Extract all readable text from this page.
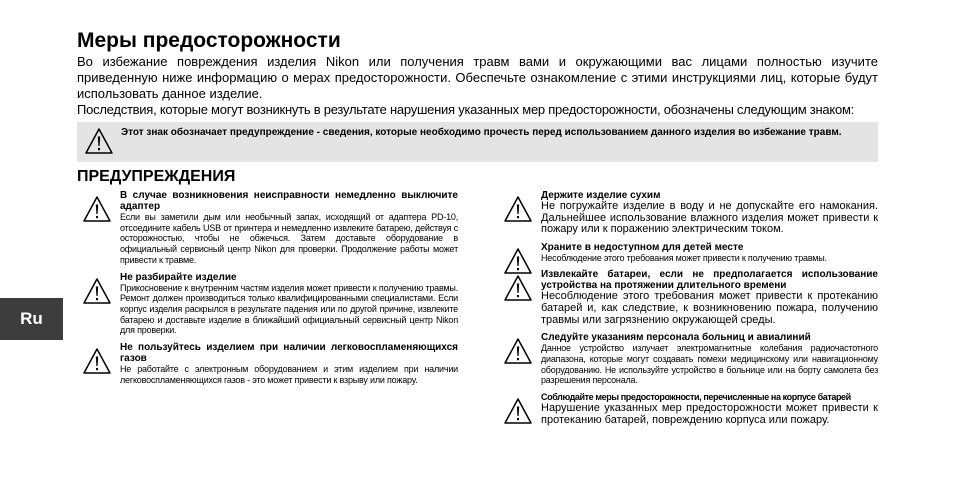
Меры предосторожности

Во избежание повреждения изделия Nikon или получения травм вами и окружающими вас лицами полностью изучите приведенную ниже информацию о мерах предосторожности. Обеспечьте ознакомление с этими инструкциями лиц, которые будут использовать данное изделие.

Последствия, которые могут возникнуть в результате нарушения указанных мер предосторожности, обозначены следующим знаком:

Этот знак обозначает предупреждение - сведения, которые необходимо прочесть перед использованием данного изделия во избежание травм.
ПРЕДУПРЕЖДЕНИЯ
Ru

В случае возникновения неисправности немедленно выключите адаптер

Если вы заметили дым или необычный запах, исходящий от адаптера PD-10, отсоедините кабель USB от принтера и немедленно извлеките батарею, действуя с осторожностью, чтобы не обжечься. Затем доставьте оборудование в официальный сервисный центр Nikon для проверки. Продолжение работы может привести к травме.

Не разбирайте изделие

Прикосновение к внутренним частям изделия может привести к получению травмы. Ремонт должен производиться только квалифицированными специалистами. Если корпус изделия раскрылся в результате падения или по другой причине, извлеките батарею и доставьте изделие в ближайший официальный сервисный центр Nikon для проверки.

Не пользуйтесь изделием при наличии легковоспламеняющихся газов

Не работайте с электронным оборудованием и этим изделием при наличии легковоспламеняющихся газов - это может привести к взрыву или пожару.

Держите изделие сухим

Не погружайте изделие в воду и не допускайте его намокания. Дальнейшее использование влажного изделия может привести к пожару или к поражению электрическим током.

Храните в недоступном для детей месте

Несоблюдение этого требования может привести к получению травмы.

Извлекайте батареи, если не предполагается использование устройства на протяжении длительного времени

Несоблюдение этого требования может привести к протеканию батарей и, как следствие, к возникновению пожара, получению травмы или загрязнению окружающей среды.

Следуйте указаниям персонала больниц и авиалиний

Данное устройство излучает электромагнитные колебания радиочастотного диапазона, которые могут создавать помехи медицинскому или навигационному оборудованию. Не используйте устройство в больнице или на борту самолета без разрешения персонала.

Соблюдайте меры предосторожности, перечисленные на корпусе батарей

Нарушение указанных мер предосторожности может привести к протеканию батарей, повреждению корпуса или пожару.
